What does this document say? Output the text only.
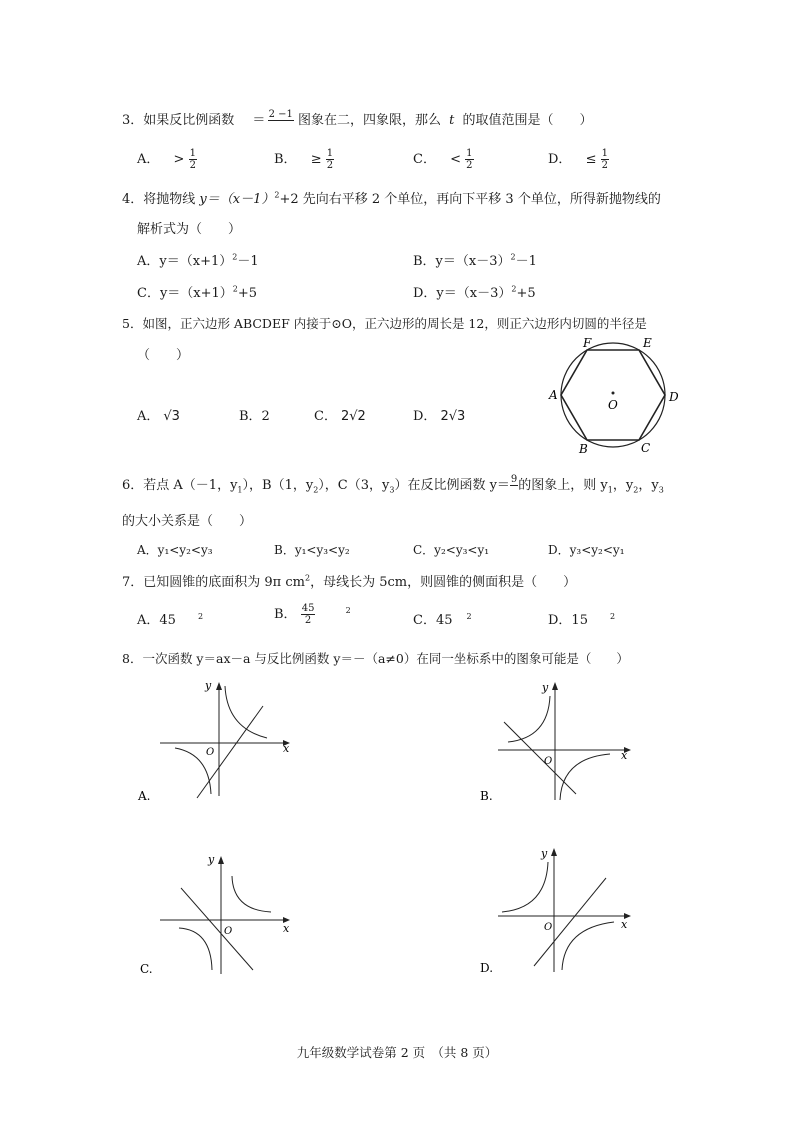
3．如果反比例函数 ＝ 2 −1
图象在二，四象限，那么 t 的取值范围是（　　）
A． > $\frac{1}{2}$	B． ≥ $\frac{1}{2}$	C． < $\frac{1}{2}$	D． ≤ $\frac{1}{2}$
4．将抛物线 $y=(x-1)^2+2$ 先向右平移 2 个单位，再向下平移 3 个单位，所得新抛物线的
解析式为（　　）
A．$y=(x+1)^2-1$	B．$y=(x-3)^2-1$
C．$y=(x+1)^2+5$	D．$y=(x-3)^2+5$
5．如图，正六边形 ABCDEF 内接于⊙O，正六边形的周长是 12，则正六边形内切圆的半径是
（　　）
A． √3	B．2	C． 2√2	D． 2√3
A
B	C
D
E
F
O
6．若点 A（－1，$y_1$），B（1，$y_2$），C（3，$y_3$）在反比例函数 y＝ 9
的图象上，则 $y_1$，$y_2$，$y_3$
的大小关系是（　　）
A．y₁<y₂<y₃	B．y₁<y₃<y₂	C．y₂<y₃<y₁	D．y₃<y₂<y₁
7．已知圆锥的底面积为 9π $cm^2$，母线长为 5cm，则圆锥的侧面积是（　　）
A．45	$^2$	B． $\frac{45}{2}$	$^2$
C．45 $^2$	D．15	$^2$
8．一次函数 y＝ax－a 与反比例函数 y＝－（a≠0）在同一坐标系中的图象可能是（　　）
y
x
O
A.
y
x
O
B.
y
x
O
C.
y
x
O
D.
九年级数学试卷第 2 页　（共 8 页）
